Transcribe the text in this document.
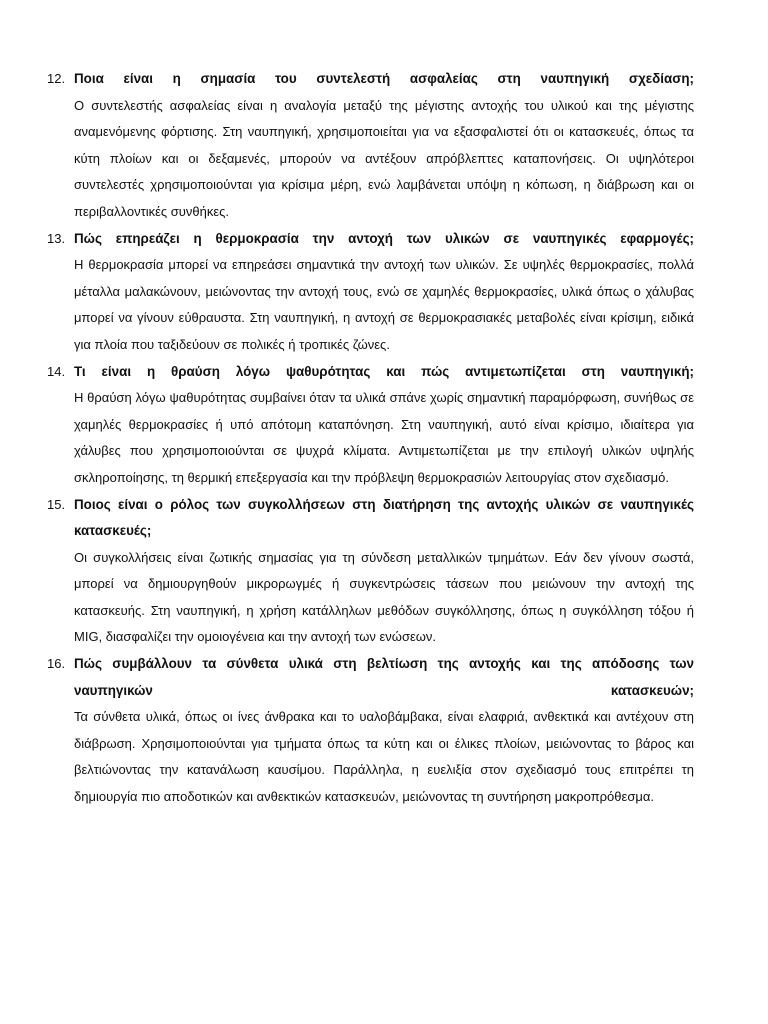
12. Ποια είναι η σημασία του συντελεστή ασφαλείας στη ναυπηγική σχεδίαση;

Ο συντελεστής ασφαλείας είναι η αναλογία μεταξύ της μέγιστης αντοχής του υλικού και της μέγιστης αναμενόμενης φόρτισης. Στη ναυπηγική, χρησιμοποιείται για να εξασφαλιστεί ότι οι κατασκευές, όπως τα κύτη πλοίων και οι δεξαμενές, μπορούν να αντέξουν απρόβλεπτες καταπονήσεις. Οι υψηλότεροι συντελεστές χρησιμοποιούνται για κρίσιμα μέρη, ενώ λαμβάνεται υπόψη η κόπωση, η διάβρωση και οι περιβαλλοντικές συνθήκες.

13. Πώς επηρεάζει η θερμοκρασία την αντοχή των υλικών σε ναυπηγικές εφαρμογές;

Η θερμοκρασία μπορεί να επηρεάσει σημαντικά την αντοχή των υλικών. Σε υψηλές θερμοκρασίες, πολλά μέταλλα μαλακώνουν, μειώνοντας την αντοχή τους, ενώ σε χαμηλές θερμοκρασίες, υλικά όπως ο χάλυβας μπορεί να γίνουν εύθραυστα. Στη ναυπηγική, η αντοχή σε θερμοκρασιακές μεταβολές είναι κρίσιμη, ειδικά για πλοία που ταξιδεύουν σε πολικές ή τροπικές ζώνες.

14. Τι είναι η θραύση λόγω ψαθυρότητας και πώς αντιμετωπίζεται στη ναυπηγική;

Η θραύση λόγω ψαθυρότητας συμβαίνει όταν τα υλικά σπάνε χωρίς σημαντική παραμόρφωση, συνήθως σε χαμηλές θερμοκρασίες ή υπό απότομη καταπόνηση. Στη ναυπηγική, αυτό είναι κρίσιμο, ιδιαίτερα για χάλυβες που χρησιμοποιούνται σε ψυχρά κλίματα. Αντιμετωπίζεται με την επιλογή υλικών υψηλής σκληροποίησης, τη θερμική επεξεργασία και την πρόβλεψη θερμοκρασιών λειτουργίας στον σχεδιασμό.

15. Ποιος είναι ο ρόλος των συγκολλήσεων στη διατήρηση της αντοχής υλικών σε ναυπηγικές κατασκευές;

Οι συγκολλήσεις είναι ζωτικής σημασίας για τη σύνδεση μεταλλικών τμημάτων. Εάν δεν γίνουν σωστά, μπορεί να δημιουργηθούν μικρορωγμές ή συγκεντρώσεις τάσεων που μειώνουν την αντοχή της κατασκευής. Στη ναυπηγική, η χρήση κατάλληλων μεθόδων συγκόλλησης, όπως η συγκόλληση τόξου ή MIG, διασφαλίζει την ομοιογένεια και την αντοχή των ενώσεων.

16. Πώς συμβάλλουν τα σύνθετα υλικά στη βελτίωση της αντοχής και της απόδοσης των ναυπηγικών κατασκευών;

Τα σύνθετα υλικά, όπως οι ίνες άνθρακα και το υαλοβάμβακα, είναι ελαφριά, ανθεκτικά και αντέχουν στη διάβρωση. Χρησιμοποιούνται για τμήματα όπως τα κύτη και οι έλικες πλοίων, μειώνοντας το βάρος και βελτιώνοντας την κατανάλωση καυσίμου. Παράλληλα, η ευελιξία στον σχεδιασμό τους επιτρέπει τη δημιουργία πιο αποδοτικών και ανθεκτικών κατασκευών, μειώνοντας τη συντήρηση μακροπρόθεσμα.
